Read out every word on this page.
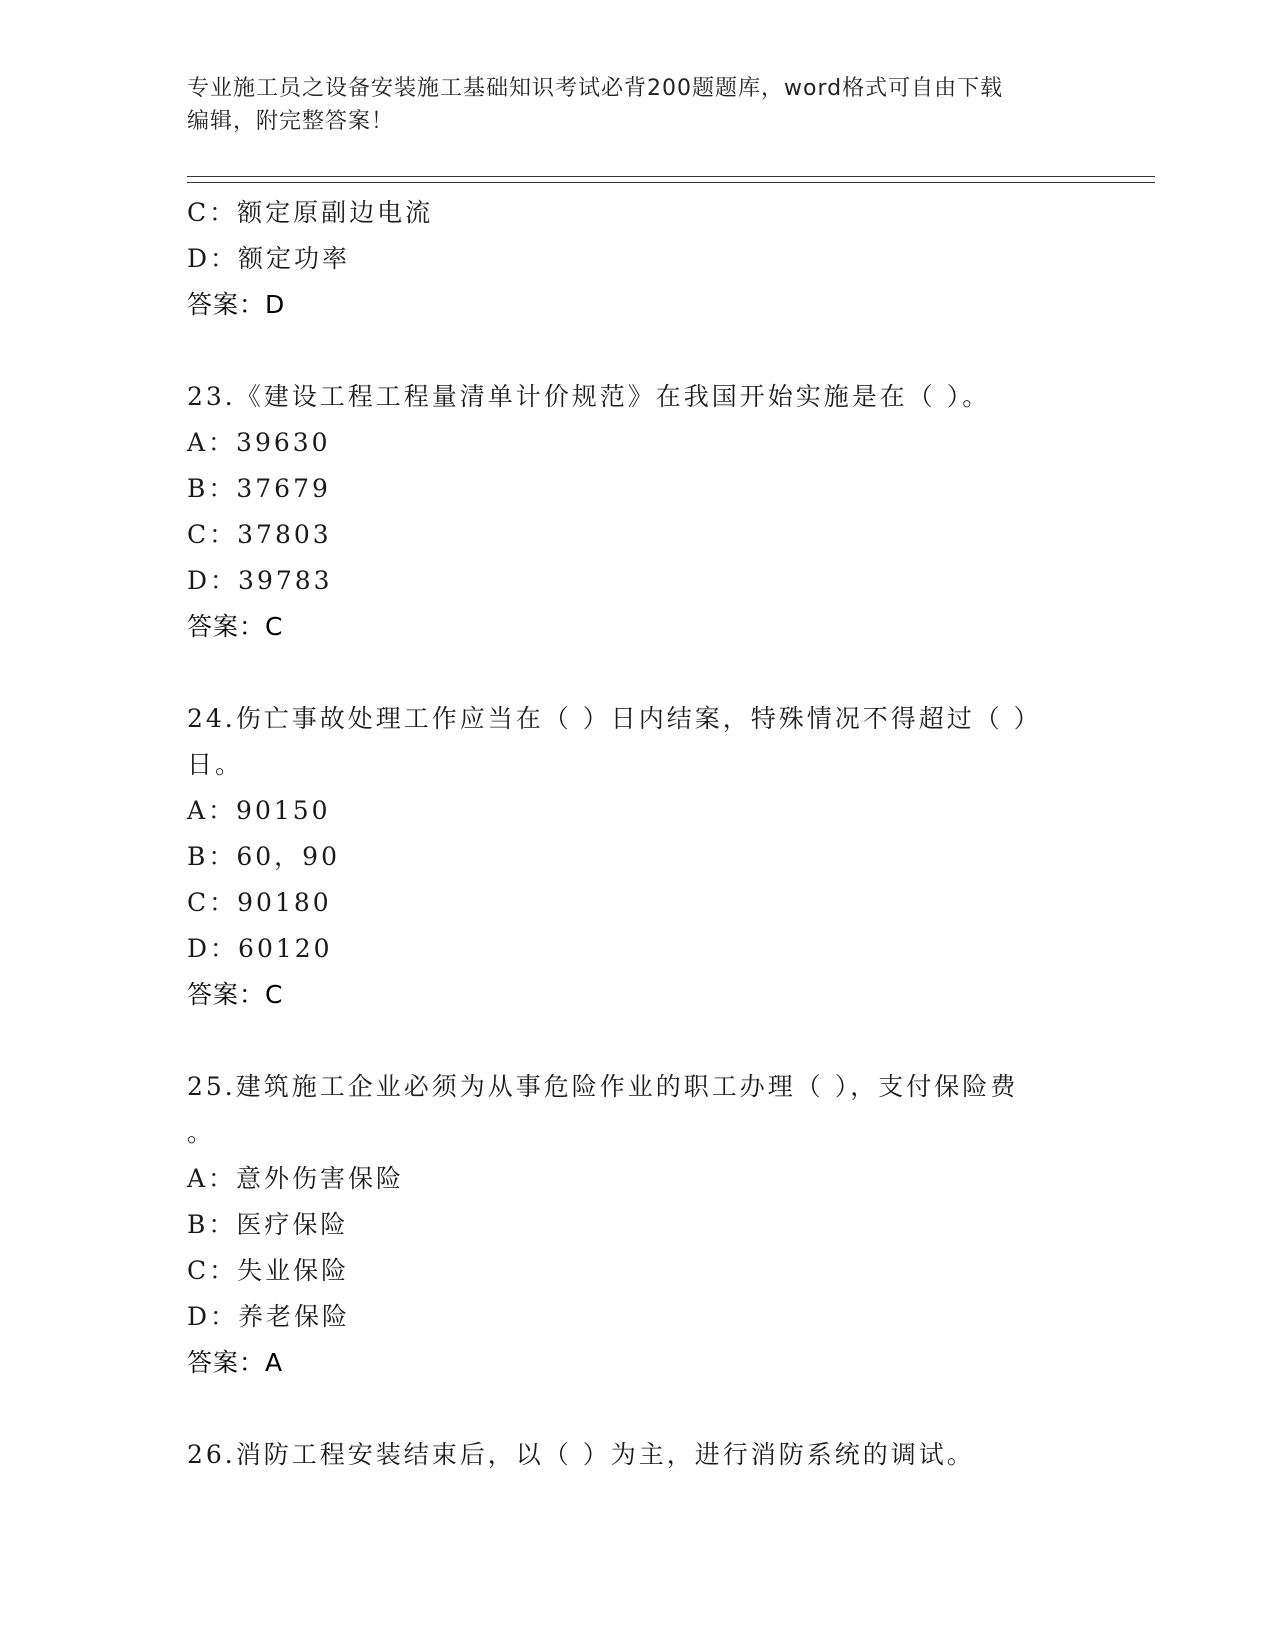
专业施工员之设备安装施工基础知识考试必背200题题库，word格式可自由下载
编辑，附完整答案！
C：额定原副边电流
D：额定功率
答案：D
23.《建设工程工程量清单计价规范》在我国开始实施是在（ ）。
A：39630
B：37679
C：37803
D：39783
答案：C
24.伤亡事故处理工作应当在（ ）日内结案，特殊情况不得超过（ ）
日。
A：90150
B：60，90
C：90180
D：60120
答案：C
25.建筑施工企业必须为从事危险作业的职工办理（ ），支付保险费
。
A：意外伤害保险
B：医疗保险
C：失业保险
D：养老保险
答案：A
26.消防工程安装结束后，以（ ）为主，进行消防系统的调试。
